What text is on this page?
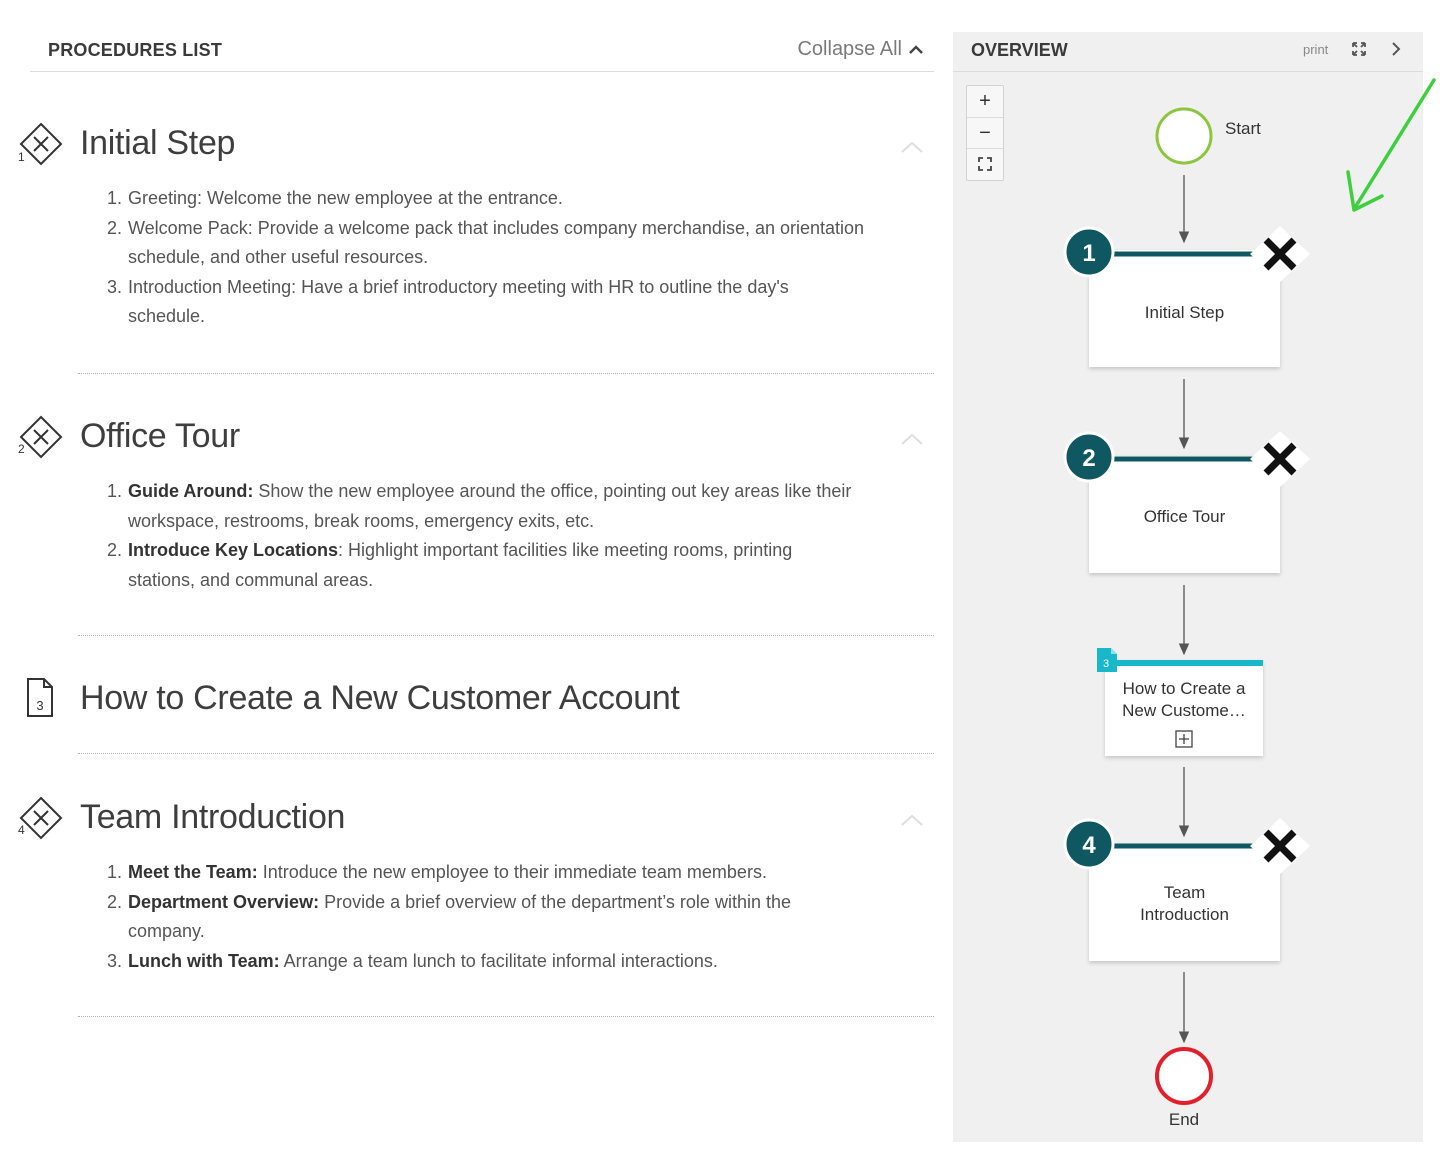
PROCEDURES LIST	Collapse All
1 Initial Step
1. Greeting: Welcome the new employee at the entrance.
2. Welcome Pack: Provide a welcome pack that includes company merchandise, an orientation
schedule, and other useful resources.
3. Introduction Meeting: Have a brief introductory meeting with HR to outline the day's
schedule.
2 Office Tour
1. Guide Around: Show the new employee around the office, pointing out key areas like their
workspace, restrooms, break rooms, emergency exits, etc.
2. Introduce Key Locations: Highlight important facilities like meeting rooms, printing
stations, and communal areas.
3 How to Create a New Customer Account
4 Team Introduction
1. Meet the Team: Introduce the new employee to their immediate team members.
2. Department Overview: Provide a brief overview of the department’s role within the
company.
3. Lunch with Team: Arrange a team lunch to facilitate informal interactions.
OVERVIEW	print
+
−	Start
End
Initial Step
1
Office Tour
2
How to Create a
New Custome…
3
Team
Introduction
4
